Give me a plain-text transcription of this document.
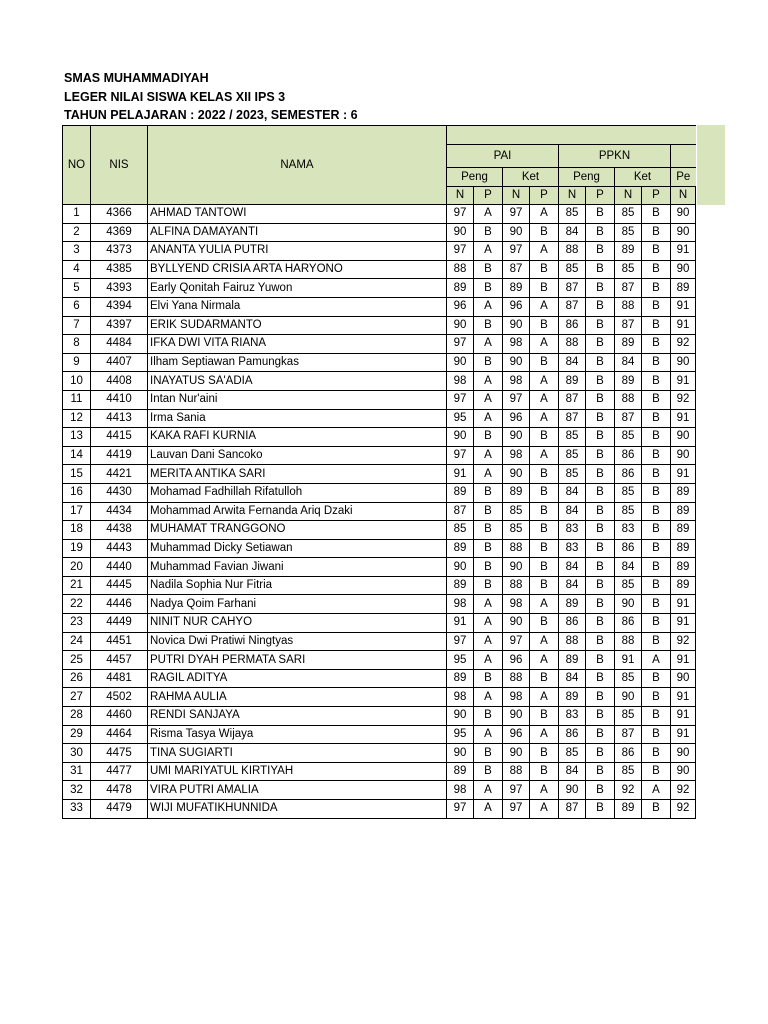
SMAS MUHAMMADIYAH
LEGER NILAI SISWA KELAS XII IPS 3
TAHUN PELAJARAN : 2022 / 2023, SEMESTER : 6
NO	NIS	NAMA									
			PAI				PPKN				
			Peng		Ket		Peng		Ket		Pe
			N	P	N	P	N	P	N	P	N
1	4366	AHMAD TANTOWI	97	A	97	A	85	B	85	B	90
2	4369	ALFINA DAMAYANTI	90	B	90	B	84	B	85	B	90
3	4373	ANANTA YULIA PUTRI	97	A	97	A	88	B	89	B	91
4	4385	BYLLYEND CRISIA ARTA HARYONO	88	B	87	B	85	B	85	B	90
5	4393	Early Qonitah Fairuz Yuwon	89	B	89	B	87	B	87	B	89
6	4394	Elvi Yana Nirmala	96	A	96	A	87	B	88	B	91
7	4397	ERIK SUDARMANTO	90	B	90	B	86	B	87	B	91
8	4484	IFKA DWI VITA RIANA	97	A	98	A	88	B	89	B	92
9	4407	Ilham Septiawan Pamungkas	90	B	90	B	84	B	84	B	90
10	4408	INAYATUS SA'ADIA	98	A	98	A	89	B	89	B	91
11	4410	Intan Nur'aini	97	A	97	A	87	B	88	B	92
12	4413	Irma Sania	95	A	96	A	87	B	87	B	91
13	4415	KAKA RAFI KURNIA	90	B	90	B	85	B	85	B	90
14	4419	Lauvan Dani Sancoko	97	A	98	A	85	B	86	B	90
15	4421	MERITA ANTIKA SARI	91	A	90	B	85	B	86	B	91
16	4430	Mohamad Fadhillah Rifatulloh	89	B	89	B	84	B	85	B	89
17	4434	Mohammad Arwita Fernanda Ariq Dzaki	87	B	85	B	84	B	85	B	89
18	4438	MUHAMAT TRANGGONO	85	B	85	B	83	B	83	B	89
19	4443	Muhammad Dicky Setiawan	89	B	88	B	83	B	86	B	89
20	4440	Muhammad Favian Jiwani	90	B	90	B	84	B	84	B	89
21	4445	Nadila Sophia Nur Fitria	89	B	88	B	84	B	85	B	89
22	4446	Nadya Qoim Farhani	98	A	98	A	89	B	90	B	91
23	4449	NINIT NUR CAHYO	91	A	90	B	86	B	86	B	91
24	4451	Novica Dwi Pratiwi Ningtyas	97	A	97	A	88	B	88	B	92
25	4457	PUTRI DYAH PERMATA SARI	95	A	96	A	89	B	91	A	91
26	4481	RAGIL ADITYA	89	B	88	B	84	B	85	B	90
27	4502	RAHMA AULIA	98	A	98	A	89	B	90	B	91
28	4460	RENDI SANJAYA	90	B	90	B	83	B	85	B	91
29	4464	Risma Tasya Wijaya	95	A	96	A	86	B	87	B	91
30	4475	TINA SUGIARTI	90	B	90	B	85	B	86	B	90
31	4477	UMI MARIYATUL KIRTIYAH	89	B	88	B	84	B	85	B	90
32	4478	VIRA PUTRI AMALIA	98	A	97	A	90	B	92	A	92
33	4479	WIJI MUFATIKHUNNIDA	97	A	97	A	87	B	89	B	92
